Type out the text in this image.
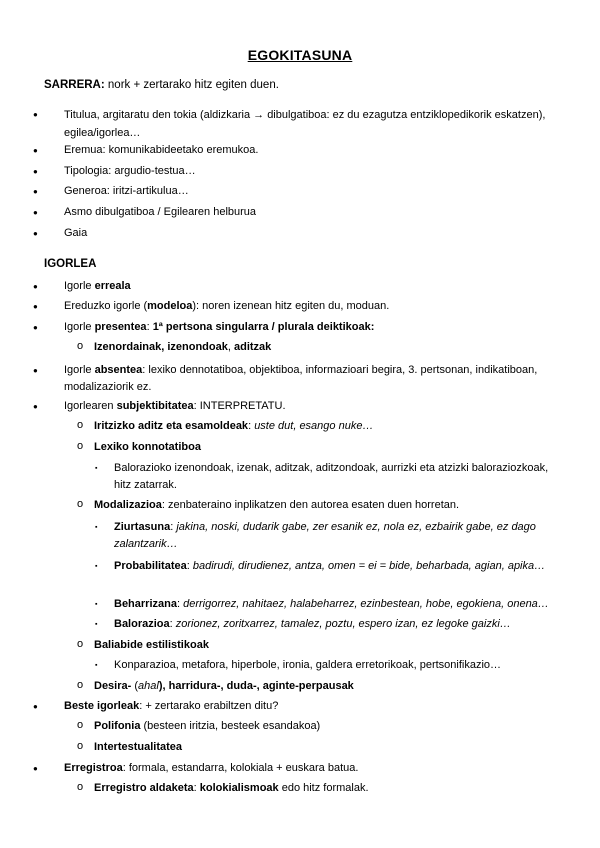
EGOKITASUNA
SARRERA: nork + zertarako hitz egiten duen.
● Titulua, argitaratu den tokia (aldizkaria → dibulgatiboa: ez du ezagutza entziklopedikorik eskatzen), egilea/igorlea…
● Eremua: komunikabideetako eremukoa.
● Tipologia: argudio-testua…
● Generoa: iritzi-artikulua…
● Asmo dibulgatiboa / Egilearen helburua
● Gaia
IGORLEA
● Igorle erreala
● Ereduzko igorle (modeloa): noren izenean hitz egiten du, moduan.
● Igorle presentea: 1ª pertsona singularra / plurala deiktikoak:
o Izenordainak, izenondoak, aditzak
● Igorle absentea: lexiko dennotatiboa, objektiboa, informazioari begira, 3. pertsonan, indikatiboan, modalizaziorik ez.
● Igorlearen subjektibitatea: INTERPRETATU.
o Iritzizko aditz eta esamoldeak: uste dut, esango nuke…
o Lexiko konnotatiboa
▪ Balorazioko izenondoak, izenak, aditzak, aditzondoak, aurrizki eta atzizki baloraziozkoak, hitz zatarrak.
o Modalizazioa: zenbateraino inplikatzen den autorea esaten duen horretan.
▪ Ziurtasuna: jakina, noski, dudarik gabe, zer esanik ez, nola ez, ezbairik gabe, ez dago zalantzarik…
▪ Probabilitatea: badirudi, dirudienez, antza, omen = ei = bide, beharbada, agian, apika…
▪ Beharrizana: derrigorrez, nahitaez, halabeharrez, ezinbestean, hobe, egokiena, onena…
▪ Balorazioa: zorionez, zoritxarrez, tamalez, poztu, espero izan, ez legoke gaizki…
o Baliabide estilistikoak
▪ Konparazioa, metafora, hiperbole, ironia, galdera erretorikoak, pertsonifikazio…
o Desira- (ahal), harridura-, duda-, aginte-perpausak
● Beste igorleak: + zertarako erabiltzen ditu?
o Polifonia (besteen iritzia, besteek esandakoa)
o Intertestualitatea
● Erregistroa: formala, estandarra, kolokiala + euskara batua.
o Erregistro aldaketa: kolokialismoak edo hitz formalak.
